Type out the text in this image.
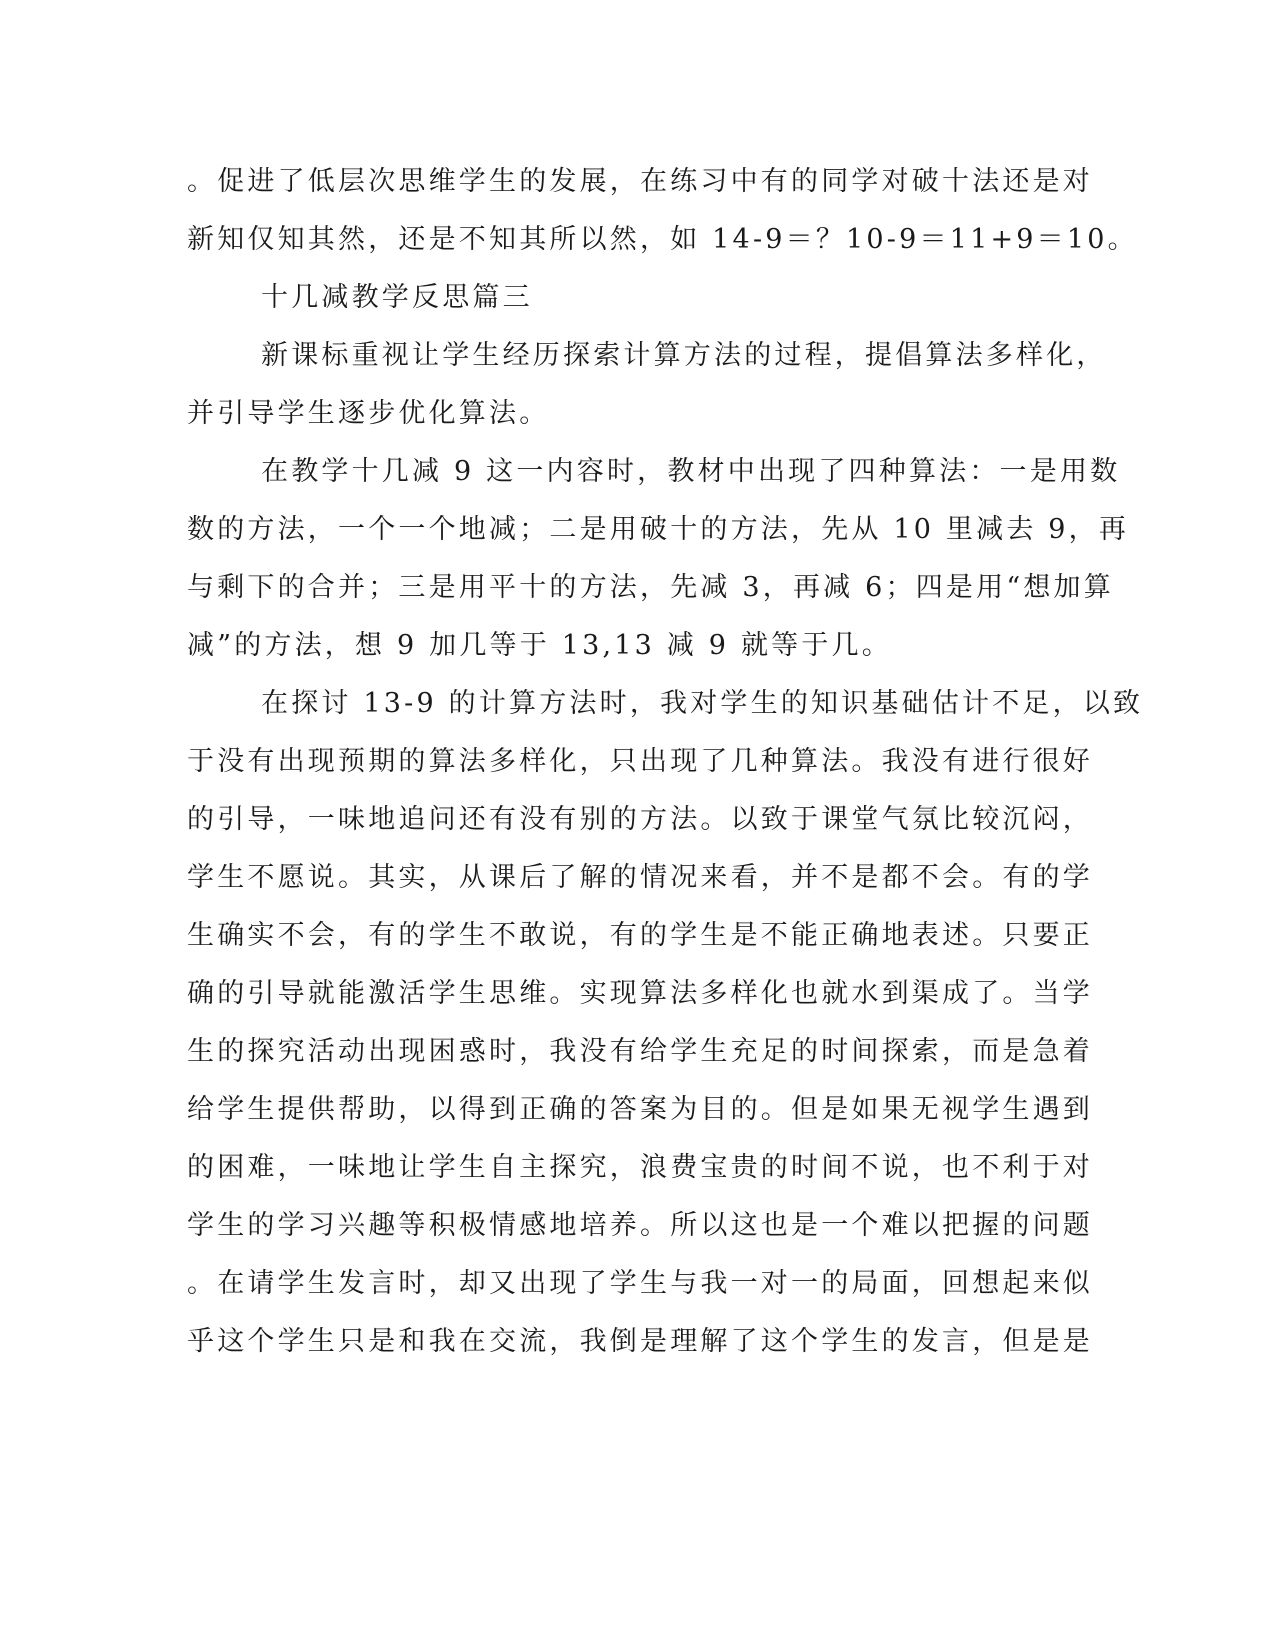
。促进了低层次思维学生的发展，在练习中有的同学对破十法还是对
新知仅知其然，还是不知其所以然，如 14-9＝？10-9＝11+9＝10。
十几减教学反思篇三
新课标重视让学生经历探索计算方法的过程，提倡算法多样化，
并引导学生逐步优化算法。
在教学十几减 9 这一内容时，教材中出现了四种算法：一是用数
数的方法，一个一个地减；二是用破十的方法，先从 10 里减去 9，再
与剩下的合并；三是用平十的方法，先减 3，再减 6；四是用“想加算
减”的方法，想 9 加几等于 13,13 减 9 就等于几。
在探讨 13-9 的计算方法时，我对学生的知识基础估计不足，以致
于没有出现预期的算法多样化，只出现了几种算法。我没有进行很好
的引导，一味地追问还有没有别的方法。以致于课堂气氛比较沉闷，
学生不愿说。其实，从课后了解的情况来看，并不是都不会。有的学
生确实不会，有的学生不敢说，有的学生是不能正确地表述。只要正
确的引导就能激活学生思维。实现算法多样化也就水到渠成了。当学
生的探究活动出现困惑时，我没有给学生充足的时间探索，而是急着
给学生提供帮助，以得到正确的答案为目的。但是如果无视学生遇到
的困难，一味地让学生自主探究，浪费宝贵的时间不说，也不利于对
学生的学习兴趣等积极情感地培养。所以这也是一个难以把握的问题
。在请学生发言时，却又出现了学生与我一对一的局面，回想起来似
乎这个学生只是和我在交流，我倒是理解了这个学生的发言，但是是
